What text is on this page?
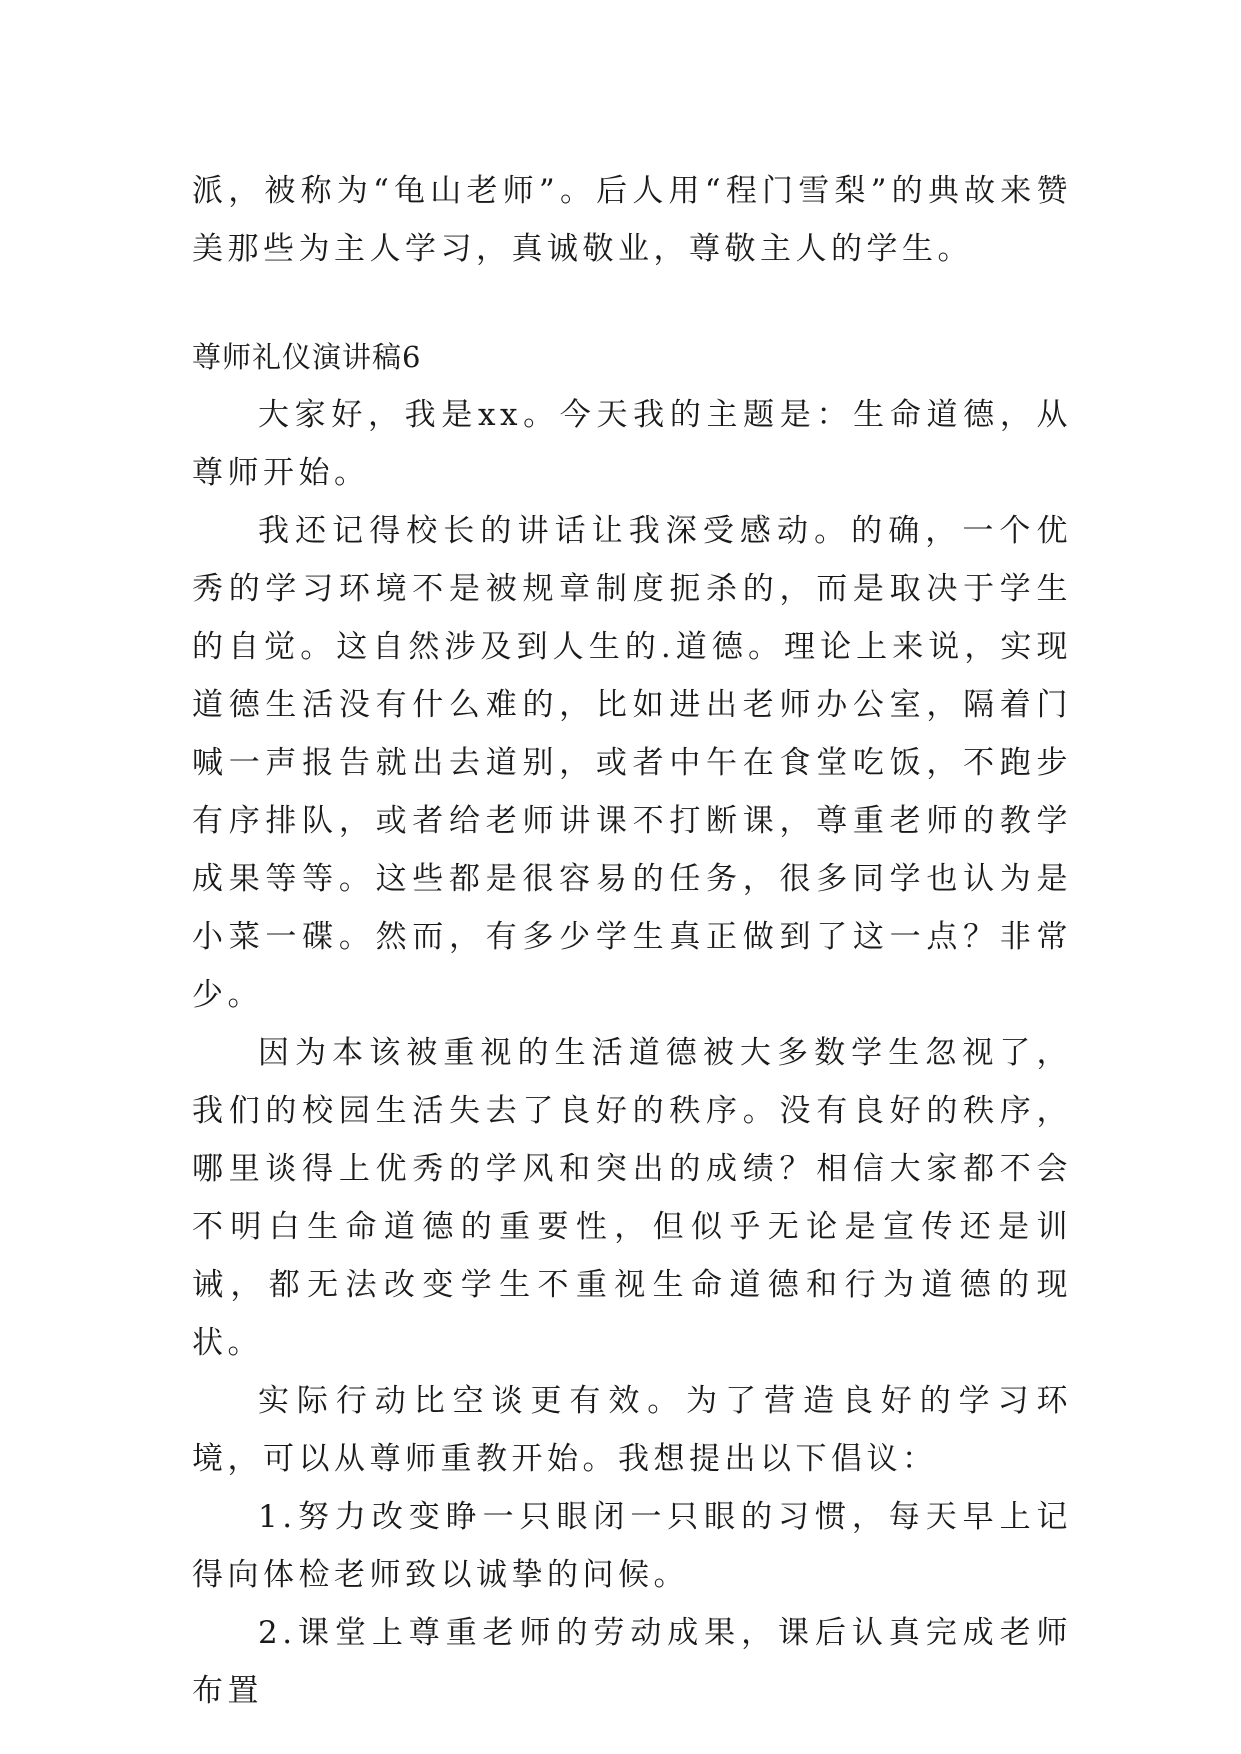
派，被称为“龟山老师”。后人用“程门雪梨”的典故来赞美那些为主人学习，真诚敬业，尊敬主人的学生。

尊师礼仪演讲稿6

大家好，我是xx。今天我的主题是：生命道德，从尊师开始。

我还记得校长的讲话让我深受感动。的确，一个优秀的学习环境不是被规章制度扼杀的，而是取决于学生的自觉。这自然涉及到人生的.道德。理论上来说，实现道德生活没有什么难的，比如进出老师办公室，隔着门喊一声报告就出去道别，或者中午在食堂吃饭，不跑步有序排队，或者给老师讲课不打断课，尊重老师的教学成果等等。这些都是很容易的任务，很多同学也认为是小菜一碟。然而，有多少学生真正做到了这一点？非常少。

因为本该被重视的生活道德被大多数学生忽视了，我们的校园生活失去了良好的秩序。没有良好的秩序，哪里谈得上优秀的学风和突出的成绩？相信大家都不会不明白生命道德的重要性，但似乎无论是宣传还是训诫，都无法改变学生不重视生命道德和行为道德的现状。

实际行动比空谈更有效。为了营造良好的学习环境，可以从尊师重教开始。我想提出以下倡议：

1.努力改变睁一只眼闭一只眼的习惯，每天早上记得向体检老师致以诚挚的问候。

2.课堂上尊重老师的劳动成果，课后认真完成老师布置
